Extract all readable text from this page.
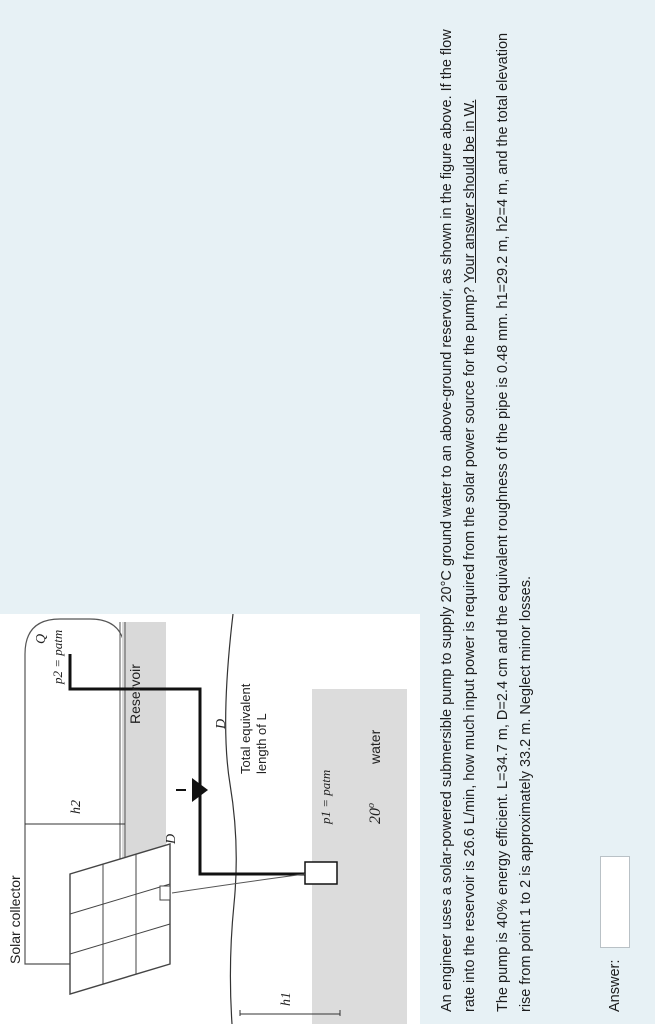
Solar collector
Reservoir	Total equivalent length of L	water
20$^o$
h1
h2
D
D
Q p2 = patm
p1 = patm	An engineer uses a solar-powered submersible pump to supply 20°C ground water to an above-ground reservoir, as shown in the figure above. If the flow rate into the reservoir is 26.6 L/min, how much input power is required from the solar power source for the pump? Your answer should be in W. The pump is 40% energy efficient. L=34.7 m, D=2.4 cm and the equivalent roughness of the pipe is 0.48 mm. h1=29.2 m, h2=4 m, and the total elevation rise from point 1 to 2 is approximately 33.2 m. Neglect minor losses.	Answer:
